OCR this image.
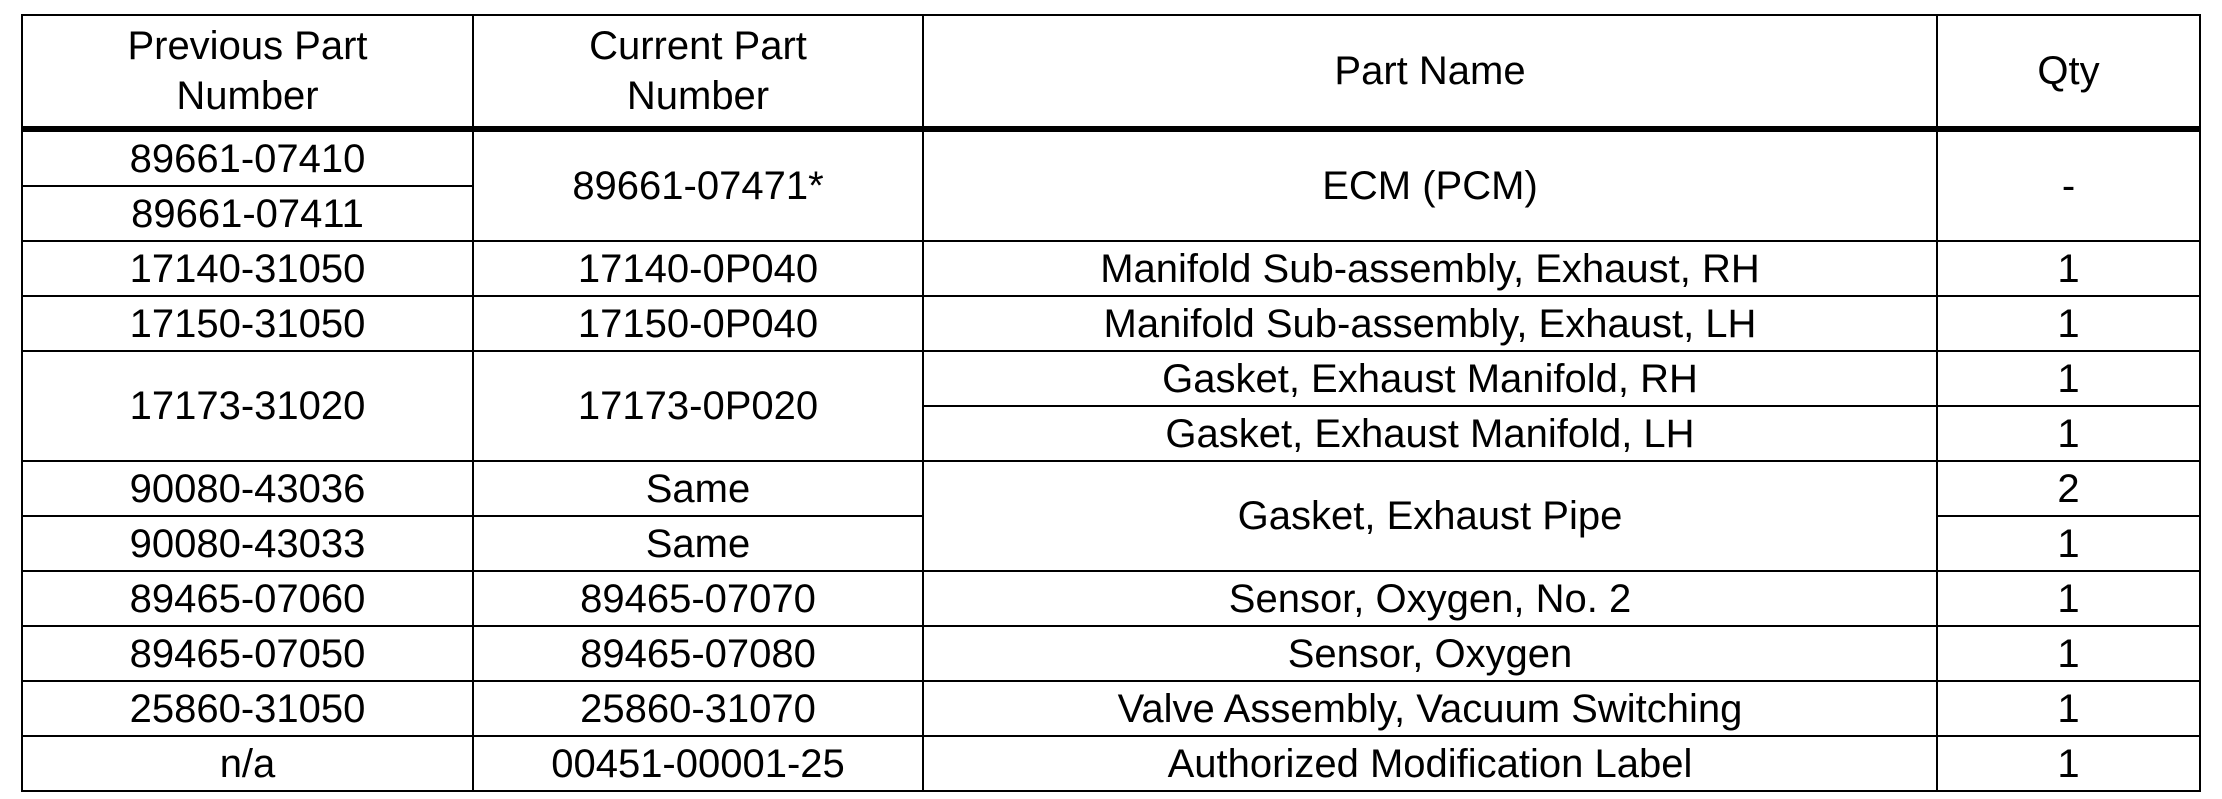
Previous Part Number	Current Part Number	Part Name	Qty
89661-07410	89661-07471*	ECM (PCM)	-
89661-07411			
17140-31050	17140-0P040	Manifold Sub-assembly, Exhaust, RH	1
17150-31050	17150-0P040	Manifold Sub-assembly, Exhaust, LH	1
17173-31020	17173-0P020	Gasket, Exhaust Manifold, RH	1
		Gasket, Exhaust Manifold, LH	1
90080-43036	Same	Gasket, Exhaust Pipe	2
90080-43033	Same		1
89465-07060	89465-07070	Sensor, Oxygen, No. 2	1
89465-07050	89465-07080	Sensor, Oxygen	1
25860-31050	25860-31070	Valve Assembly, Vacuum Switching	1
n/a	00451-00001-25	Authorized Modification Label	1
